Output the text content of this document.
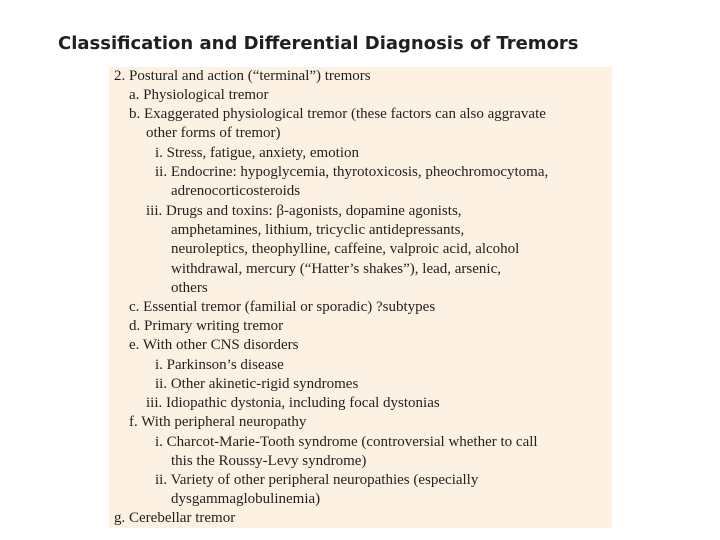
Classification and Differential Diagnosis of Tremors
2. Postural and action (“terminal”) tremors
a. Physiological tremor
b. Exaggerated physiological tremor (these factors can also aggravate
other forms of tremor)
i. Stress, fatigue, anxiety, emotion
ii. Endocrine: hypoglycemia, thyrotoxicosis, pheochromocytoma,
adrenocorticosteroids
iii. Drugs and toxins: β-agonists, dopamine agonists,
amphetamines, lithium, tricyclic antidepressants,
neuroleptics, theophylline, caffeine, valproic acid, alcohol
withdrawal, mercury (“Hatter’s shakes”), lead, arsenic,
others
c. Essential tremor (familial or sporadic) ?subtypes
d. Primary writing tremor
e. With other CNS disorders
i. Parkinson’s disease
ii. Other akinetic-rigid syndromes
iii. Idiopathic dystonia, including focal dystonias
f. With peripheral neuropathy
i. Charcot-Marie-Tooth syndrome (controversial whether to call
this the Roussy-Levy syndrome)
ii. Variety of other peripheral neuropathies (especially
dysgammaglobulinemia)
g. Cerebellar tremor
